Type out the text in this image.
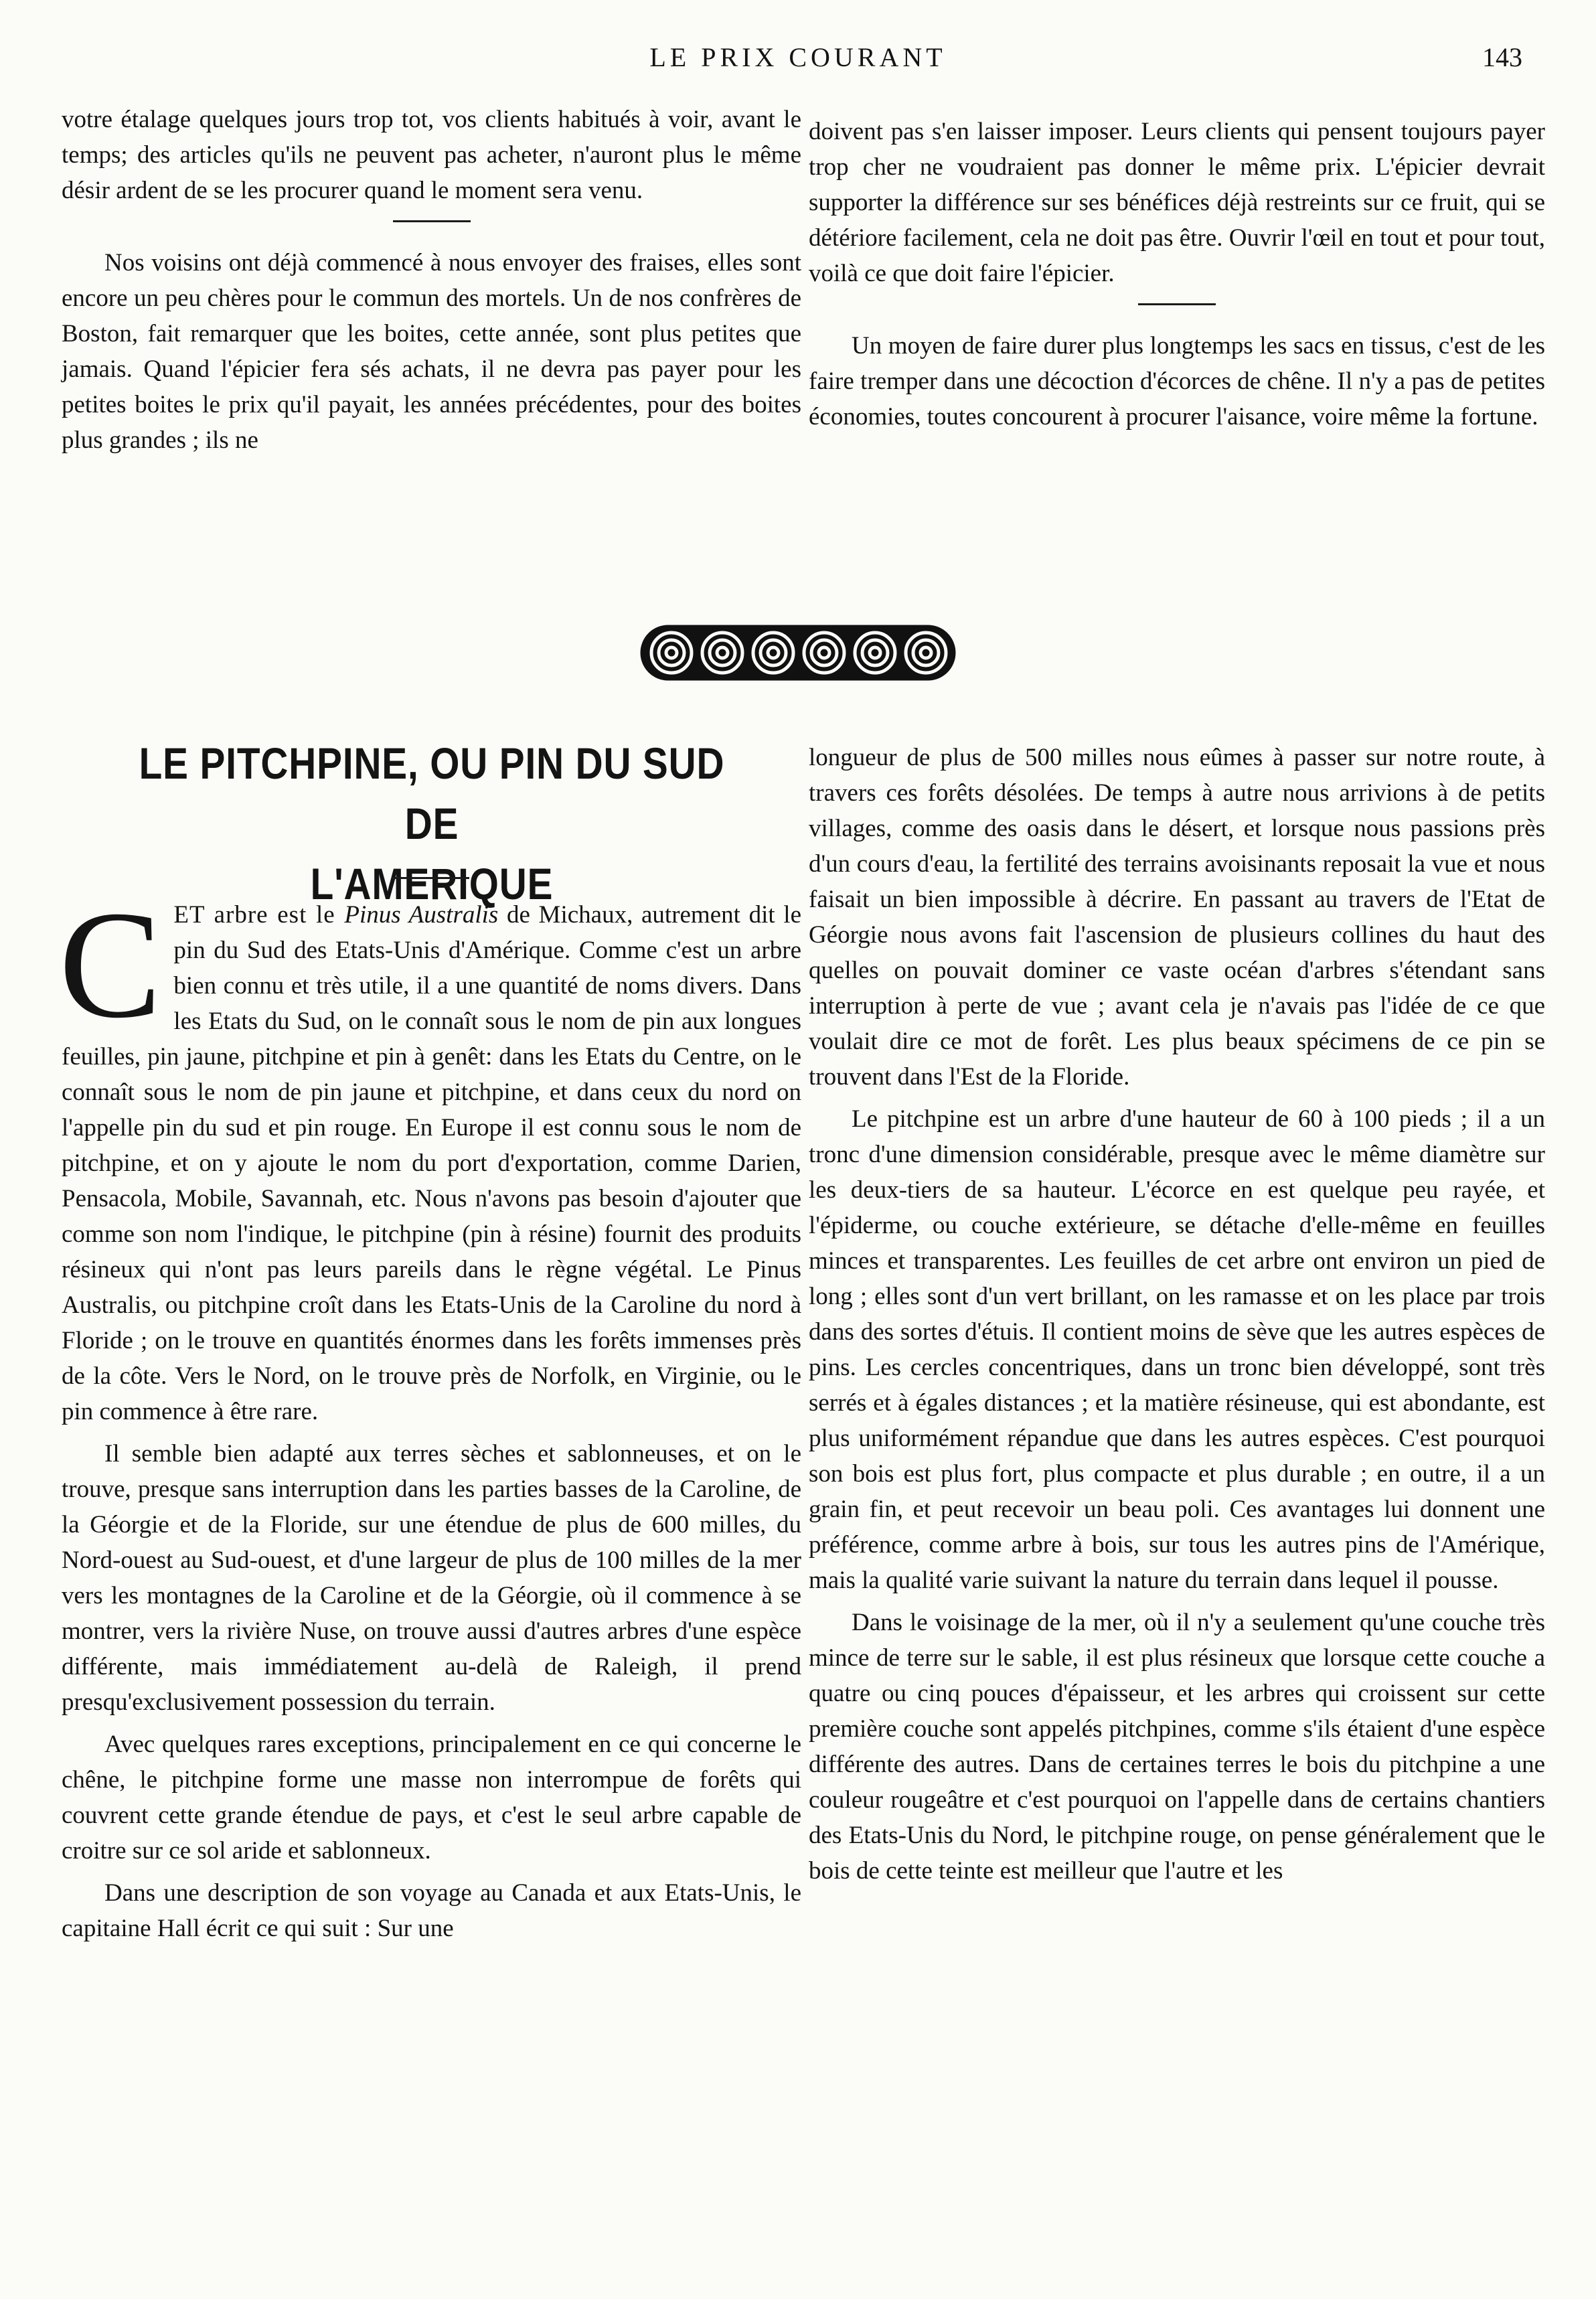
LE PRIX COURANT	143

votre étalage quelques jours trop tot, vos clients habitués à voir, avant le temps; des articles qu'ils ne peuvent pas acheter, n'auront plus le même désir ardent de se les procurer quand le moment sera venu.

Nos voisins ont déjà commencé à nous envoyer des fraises, elles sont encore un peu chères pour le commun des mortels. Un de nos confrères de Boston, fait remarquer que les boites, cette année, sont plus petites que jamais. Quand l'épicier fera sés achats, il ne devra pas payer pour les petites boites le prix qu'il payait, les années précédentes, pour des boites plus grandes ; ils ne

doivent pas s'en laisser imposer. Leurs clients qui pensent toujours payer trop cher ne voudraient pas donner le même prix. L'épicier devrait supporter la différence sur ses bénéfices déjà restreints sur ce fruit, qui se détériore facilement, cela ne doit pas être. Ouvrir l'œil en tout et pour tout, voilà ce que doit faire l'épicier.

Un moyen de faire durer plus longtemps les sacs en tissus, c'est de les faire tremper dans une décoction d'écorces de chêne. Il n'y a pas de petites économies, toutes concourent à procurer l'aisance, voire même la fortune.

LE PITCHPINE, OU PIN DU SUD DE
L'AMERIQUE

CET arbre est le Pinus Australis de Michaux, autrement dit le pin du Sud des Etats-Unis d'Amérique. Comme c'est un arbre bien connu et très utile, il a une quantité de noms divers. Dans les Etats du Sud, on le connaît sous le nom de pin aux longues feuilles, pin jaune, pitchpine et pin à genêt: dans les Etats du Centre, on le connaît sous le nom de pin jaune et pitchpine, et dans ceux du nord on l'appelle pin du sud et pin rouge. En Europe il est connu sous le nom de pitchpine, et on y ajoute le nom du port d'exportation, comme Darien, Pensacola, Mobile, Savannah, etc. Nous n'avons pas besoin d'ajouter que comme son nom l'indique, le pitchpine (pin à résine) fournit des produits résineux qui n'ont pas leurs pareils dans le règne végétal. Le Pinus Australis, ou pitchpine croît dans les Etats-Unis de la Caroline du nord à Floride ; on le trouve en quantités énormes dans les forêts immenses près de la côte. Vers le Nord, on le trouve près de Norfolk, en Virginie, ou le pin commence à être rare.

Il semble bien adapté aux terres sèches et sablonneuses, et on le trouve, presque sans interruption dans les parties basses de la Caroline, de la Géorgie et de la Floride, sur une étendue de plus de 600 milles, du Nord-ouest au Sud-ouest, et d'une largeur de plus de 100 milles de la mer vers les montagnes de la Caroline et de la Géorgie, où il commence à se montrer, vers la rivière Nuse, on trouve aussi d'autres arbres d'une espèce différente, mais immédiatement au-delà de Raleigh, il prend presqu'exclusivement possession du terrain.

Avec quelques rares exceptions, principalement en ce qui concerne le chêne, le pitchpine forme une masse non interrompue de forêts qui couvrent cette grande étendue de pays, et c'est le seul arbre capable de croitre sur ce sol aride et sablonneux.

Dans une description de son voyage au Canada et aux Etats-Unis, le capitaine Hall écrit ce qui suit : Sur une

longueur de plus de 500 milles nous eûmes à passer sur notre route, à travers ces forêts désolées. De temps à autre nous arrivions à de petits villages, comme des oasis dans le désert, et lorsque nous passions près d'un cours d'eau, la fertilité des terrains avoisinants reposait la vue et nous faisait un bien impossible à décrire. En passant au travers de l'Etat de Géorgie nous avons fait l'ascension de plusieurs collines du haut des quelles on pouvait dominer ce vaste océan d'arbres s'étendant sans interruption à perte de vue ; avant cela je n'avais pas l'idée de ce que voulait dire ce mot de forêt. Les plus beaux spécimens de ce pin se trouvent dans l'Est de la Floride.

Le pitchpine est un arbre d'une hauteur de 60 à 100 pieds ; il a un tronc d'une dimension considérable, presque avec le même diamètre sur les deux-tiers de sa hauteur. L'écorce en est quelque peu rayée, et l'épiderme, ou couche extérieure, se détache d'elle-même en feuilles minces et transparentes. Les feuilles de cet arbre ont environ un pied de long ; elles sont d'un vert brillant, on les ramasse et on les place par trois dans des sortes d'étuis. Il contient moins de sève que les autres espèces de pins. Les cercles concentriques, dans un tronc bien développé, sont très serrés et à égales distances ; et la matière résineuse, qui est abondante, est plus uniformément répandue que dans les autres espèces. C'est pourquoi son bois est plus fort, plus compacte et plus durable ; en outre, il a un grain fin, et peut recevoir un beau poli. Ces avantages lui donnent une préférence, comme arbre à bois, sur tous les autres pins de l'Amérique, mais la qualité varie suivant la nature du terrain dans lequel il pousse.

Dans le voisinage de la mer, où il n'y a seulement qu'une couche très mince de terre sur le sable, il est plus résineux que lorsque cette couche a quatre ou cinq pouces d'épaisseur, et les arbres qui croissent sur cette première couche sont appelés pitchpines, comme s'ils étaient d'une espèce différente des autres. Dans de certaines terres le bois du pitchpine a une couleur rougeâtre et c'est pourquoi on l'appelle dans de certains chantiers des Etats-Unis du Nord, le pitchpine rouge, on pense généralement que le bois de cette teinte est meilleur que l'autre et les
